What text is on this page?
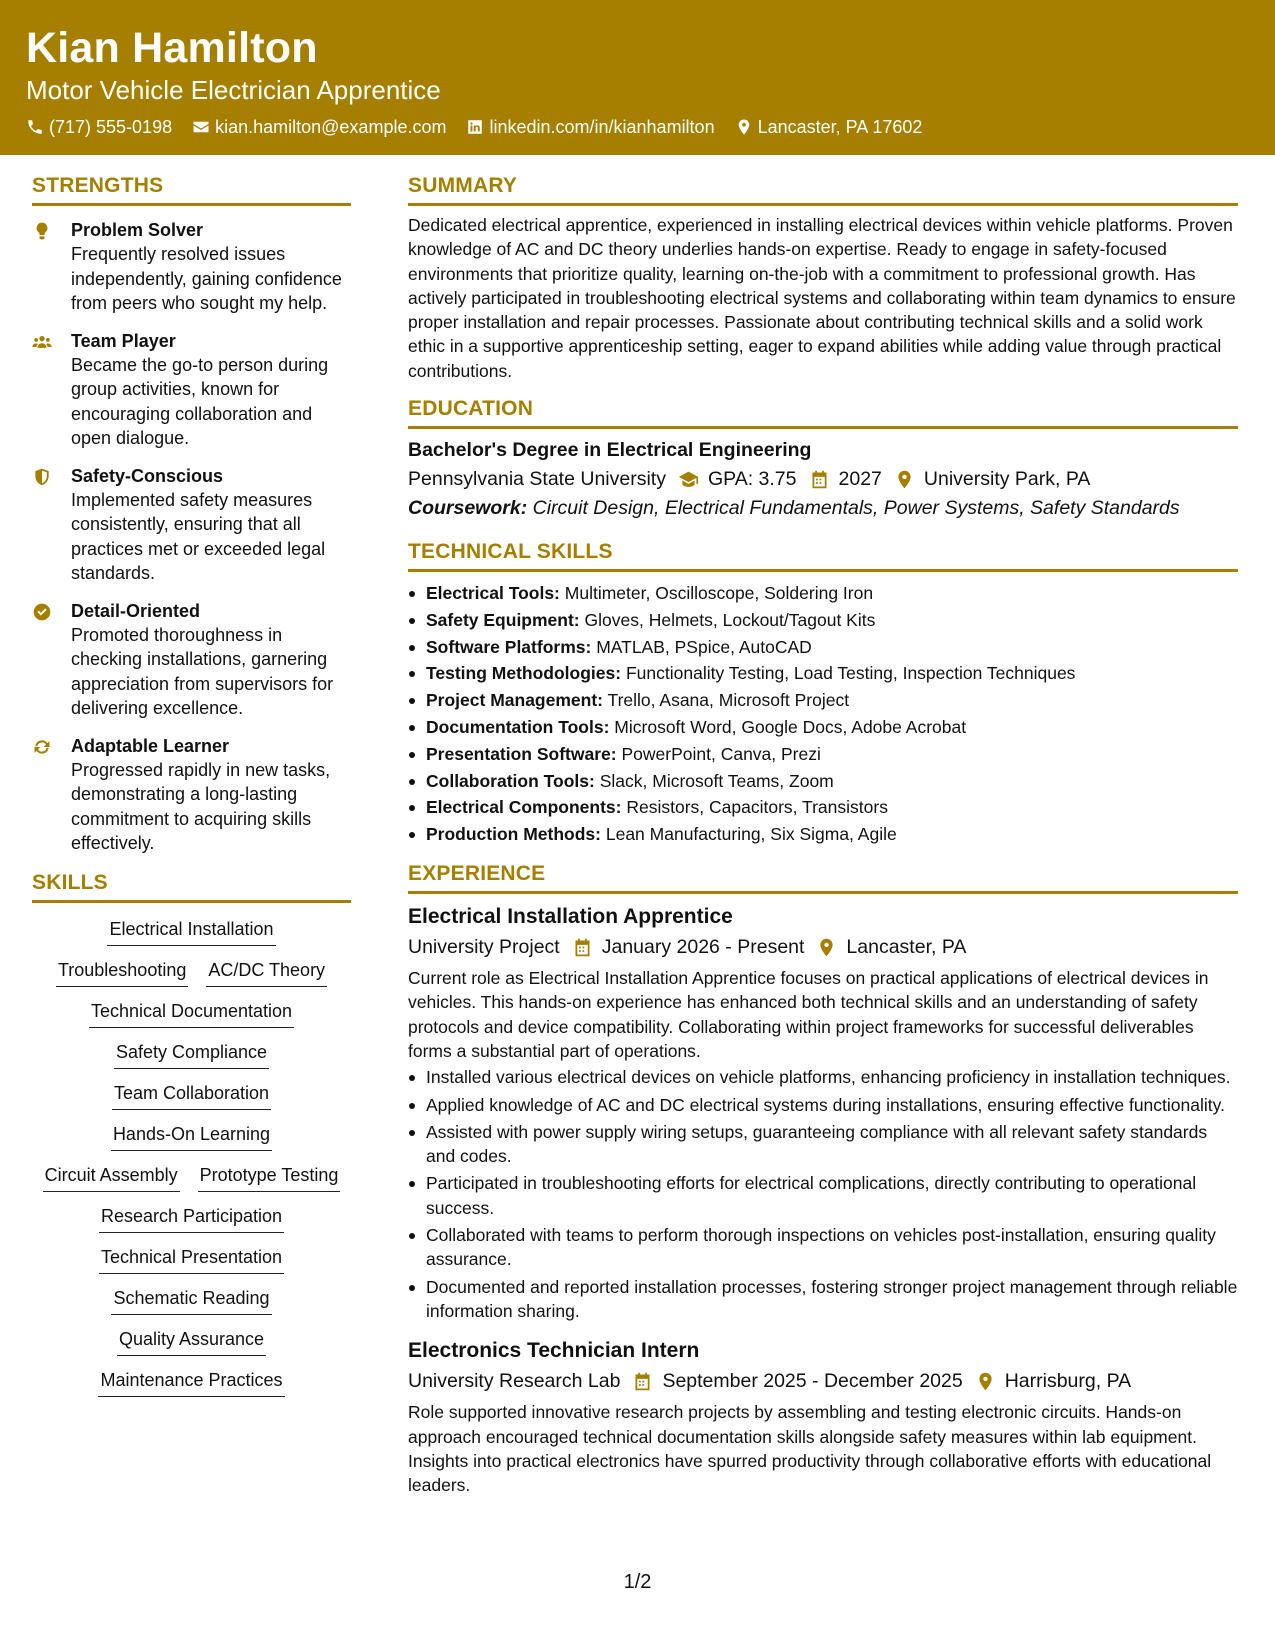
Kian Hamilton
Motor Vehicle Electrician Apprentice
(717) 555-0198 kian.hamilton@example.com linkedin.com/in/kianhamilton Lancaster, PA 17602
STRENGTHS
Problem Solver
Frequently resolved issues independently, gaining confidence from peers who sought my help.
Team Player
Became the go-to person during group activities, known for encouraging collaboration and open dialogue.
Safety-Conscious
Implemented safety measures consistently, ensuring that all practices met or exceeded legal standards.
Detail-Oriented
Promoted thoroughness in checking installations, garnering appreciation from supervisors for delivering excellence.
Adaptable Learner
Progressed rapidly in new tasks, demonstrating a long-lasting commitment to acquiring skills effectively.
SKILLS
Electrical Installation
Troubleshooting AC/DC Theory
Technical Documentation
Safety Compliance
Team Collaboration
Hands-On Learning
Circuit Assembly Prototype Testing
Research Participation
Technical Presentation
Schematic Reading
Quality Assurance
Maintenance Practices
SUMMARY
Dedicated electrical apprentice, experienced in installing electrical devices within vehicle platforms. Proven knowledge of AC and DC theory underlies hands-on expertise. Ready to engage in safety-focused environments that prioritize quality, learning on-the-job with a commitment to professional growth. Has actively participated in troubleshooting electrical systems and collaborating within team dynamics to ensure proper installation and repair processes. Passionate about contributing technical skills and a solid work ethic in a supportive apprenticeship setting, eager to expand abilities while adding value through practical contributions.
EDUCATION
Bachelor's Degree in Electrical Engineering
Pennsylvania State University GPA: 3.75 2027 University Park, PA
Coursework: Circuit Design, Electrical Fundamentals, Power Systems, Safety Standards
TECHNICAL SKILLS
Electrical Tools: Multimeter, Oscilloscope, Soldering Iron
Safety Equipment: Gloves, Helmets, Lockout/Tagout Kits
Software Platforms: MATLAB, PSpice, AutoCAD
Testing Methodologies: Functionality Testing, Load Testing, Inspection Techniques
Project Management: Trello, Asana, Microsoft Project
Documentation Tools: Microsoft Word, Google Docs, Adobe Acrobat
Presentation Software: PowerPoint, Canva, Prezi
Collaboration Tools: Slack, Microsoft Teams, Zoom
Electrical Components: Resistors, Capacitors, Transistors
Production Methods: Lean Manufacturing, Six Sigma, Agile
EXPERIENCE
Electrical Installation Apprentice
University Project January 2026 - Present Lancaster, PA
Current role as Electrical Installation Apprentice focuses on practical applications of electrical devices in vehicles. This hands-on experience has enhanced both technical skills and an understanding of safety protocols and device compatibility. Collaborating within project frameworks for successful deliverables forms a substantial part of operations.
Installed various electrical devices on vehicle platforms, enhancing proficiency in installation techniques.
Applied knowledge of AC and DC electrical systems during installations, ensuring effective functionality.
Assisted with power supply wiring setups, guaranteeing compliance with all relevant safety standards and codes.
Participated in troubleshooting efforts for electrical complications, directly contributing to operational success.
Collaborated with teams to perform thorough inspections on vehicles post-installation, ensuring quality assurance.
Documented and reported installation processes, fostering stronger project management through reliable information sharing.
Electronics Technician Intern
University Research Lab September 2025 - December 2025 Harrisburg, PA
Role supported innovative research projects by assembling and testing electronic circuits. Hands-on approach encouraged technical documentation skills alongside safety measures within lab equipment. Insights into practical electronics have spurred productivity through collaborative efforts with educational leaders.
1/2
